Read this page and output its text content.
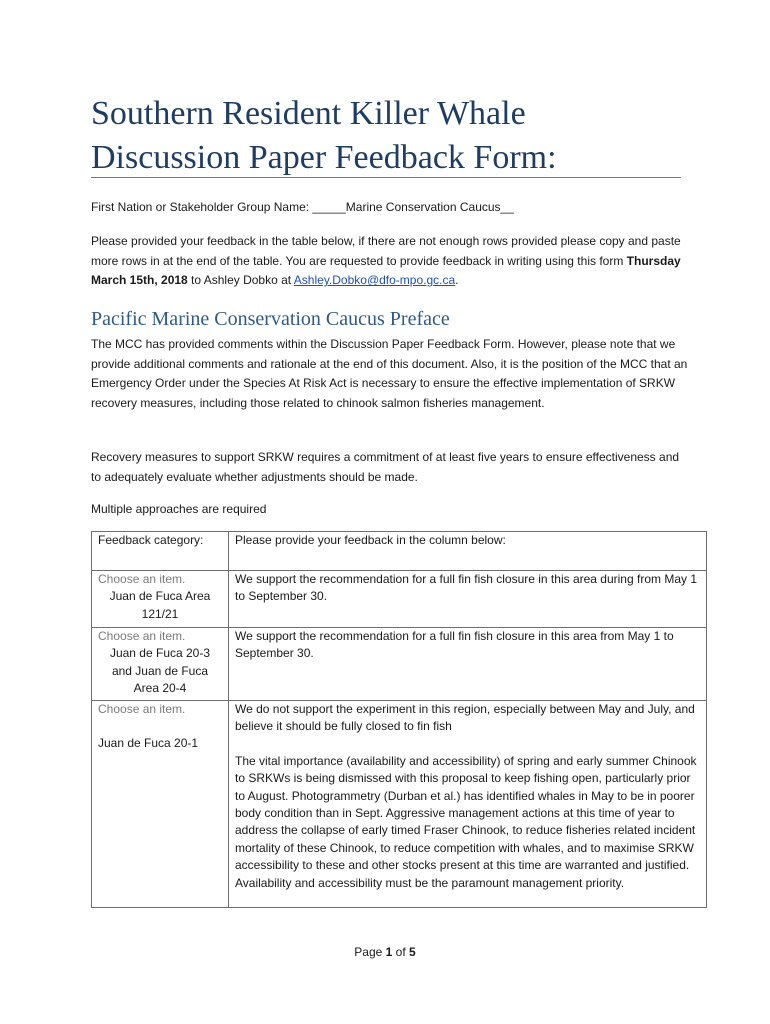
Southern Resident Killer Whale
Discussion Paper Feedback Form:

First Nation or Stakeholder Group Name: _____Marine Conservation Caucus__

Please provided your feedback in the table below, if there are not enough rows provided please copy and paste more rows in at the end of the table. You are requested to provide feedback in writing using this form Thursday March 15th, 2018 to Ashley Dobko at Ashley.Dobko@dfo-mpo.gc.ca.

Pacific Marine Conservation Caucus Preface

The MCC has provided comments within the Discussion Paper Feedback Form. However, please note that we provide additional comments and rationale at the end of this document. Also, it is the position of the MCC that an Emergency Order under the Species At Risk Act is necessary to ensure the effective implementation of SRKW recovery measures, including those related to chinook salmon fisheries management.

Recovery measures to support SRKW requires a commitment of at least five years to ensure effectiveness and to adequately evaluate whether adjustments should be made.

Multiple approaches are required

Feedback category:	Please provide your feedback in the column below:

Choose an item.
Juan de Fuca Area
121/21	We support the recommendation for a full fin fish closure in this area during from May 1 to September 30.

Choose an item.
Juan de Fuca 20-3
and Juan de Fuca
Area 20-4	We support the recommendation for a full fin fish closure in this area from May 1 to September 30.

Choose an item.
Juan de Fuca 20-1	We do not support the experiment in this region, especially between May and July, and believe it should be fully closed to fin fish
The vital importance (availability and accessibility) of spring and early summer Chinook to SRKWs is being dismissed with this proposal to keep fishing open, particularly prior to August. Photogrammetry (Durban et al.) has identified whales in May to be in poorer body condition than in Sept. Aggressive management actions at this time of year to address the collapse of early timed Fraser Chinook, to reduce fisheries related incident mortality of these Chinook, to reduce competition with whales, and to maximise SRKW accessibility to these and other stocks present at this time are warranted and justified. Availability and accessibility must be the paramount management priority.
Page 1 of 5
